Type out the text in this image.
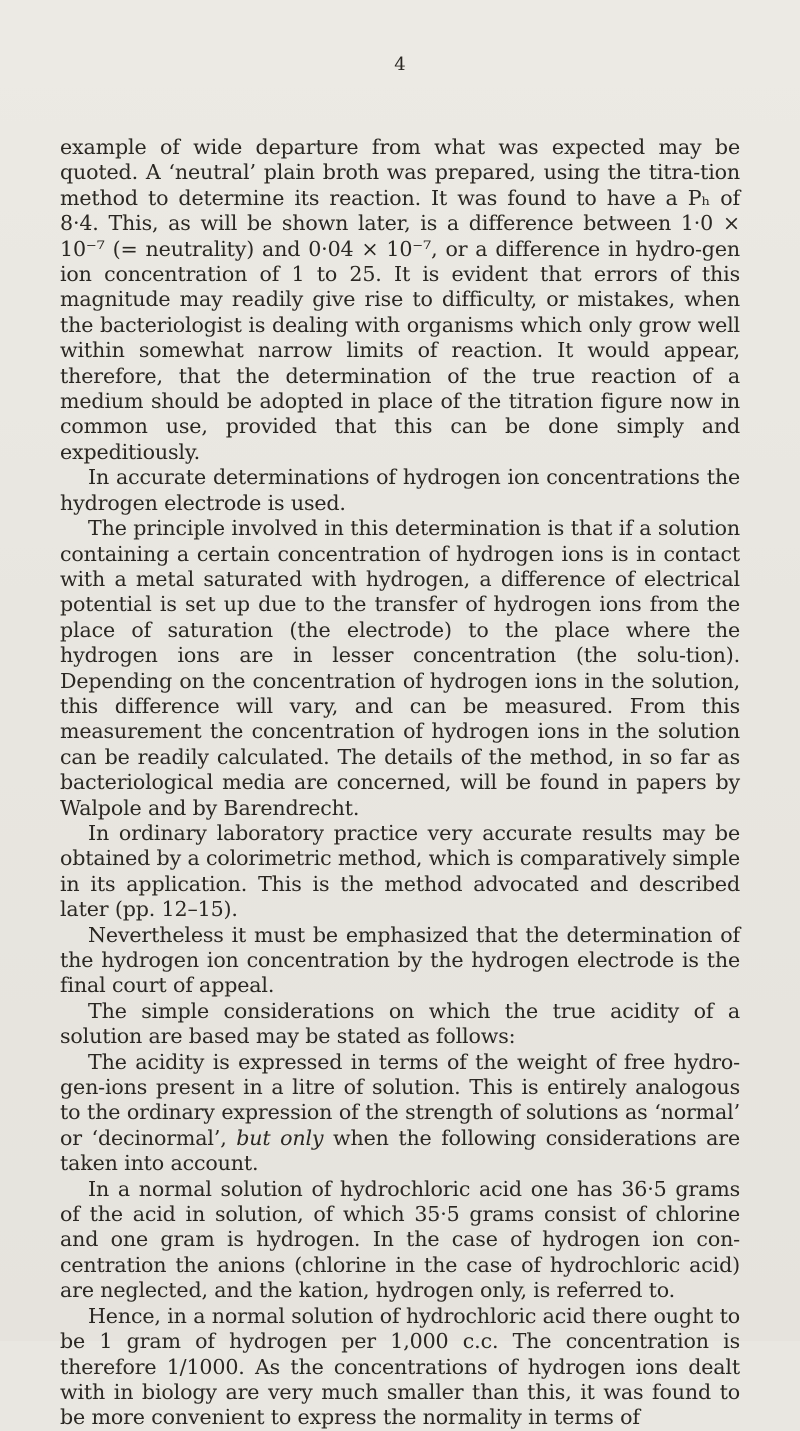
4

example of wide departure from what was expected may be quoted. A ‘neutral’ plain broth was prepared, using the titra-tion method to determine its reaction. It was found to have a Pₕ of 8·4. This, as will be shown later, is a difference between 1·0 × 10⁻⁷ (= neutrality) and 0·04 × 10⁻⁷, or a difference in hydro-gen ion concentration of 1 to 25. It is evident that errors of this magnitude may readily give rise to difficulty, or mistakes, when the bacteriologist is dealing with organisms which only grow well within somewhat narrow limits of reaction. It would appear, therefore, that the determination of the true reaction of a medium should be adopted in place of the titration figure now in common use, provided that this can be done simply and expeditiously.

In accurate determinations of hydrogen ion concentrations the hydrogen electrode is used.

The principle involved in this determination is that if a solution containing a certain concentration of hydrogen ions is in contact with a metal saturated with hydrogen, a difference of electrical potential is set up due to the transfer of hydrogen ions from the place of saturation (the electrode) to the place where the hydrogen ions are in lesser concentration (the solu-tion). Depending on the concentration of hydrogen ions in the solution, this difference will vary, and can be measured. From this measurement the concentration of hydrogen ions in the solution can be readily calculated. The details of the method, in so far as bacteriological media are concerned, will be found in papers by Walpole and by Barendrecht.

In ordinary laboratory practice very accurate results may be obtained by a colorimetric method, which is comparatively simple in its application. This is the method advocated and described later (pp. 12–15).

Nevertheless it must be emphasized that the determination of the hydrogen ion concentration by the hydrogen electrode is the final court of appeal.

The simple considerations on which the true acidity of a solution are based may be stated as follows:

The acidity is expressed in terms of the weight of free hydro-gen-ions present in a litre of solution. This is entirely analogous to the ordinary expression of the strength of solutions as ‘normal’ or ‘decinormal’, but only when the following considerations are taken into account.

In a normal solution of hydrochloric acid one has 36·5 grams of the acid in solution, of which 35·5 grams consist of chlorine and one gram is hydrogen. In the case of hydrogen ion con-centration the anions (chlorine in the case of hydrochloric acid) are neglected, and the kation, hydrogen only, is referred to.

Hence, in a normal solution of hydrochloric acid there ought to be 1 gram of hydrogen per 1,000 c.c. The concentration is therefore 1/1000. As the concentrations of hydrogen ions dealt with in biology are very much smaller than this, it was found to be more convenient to express the normality in terms of
